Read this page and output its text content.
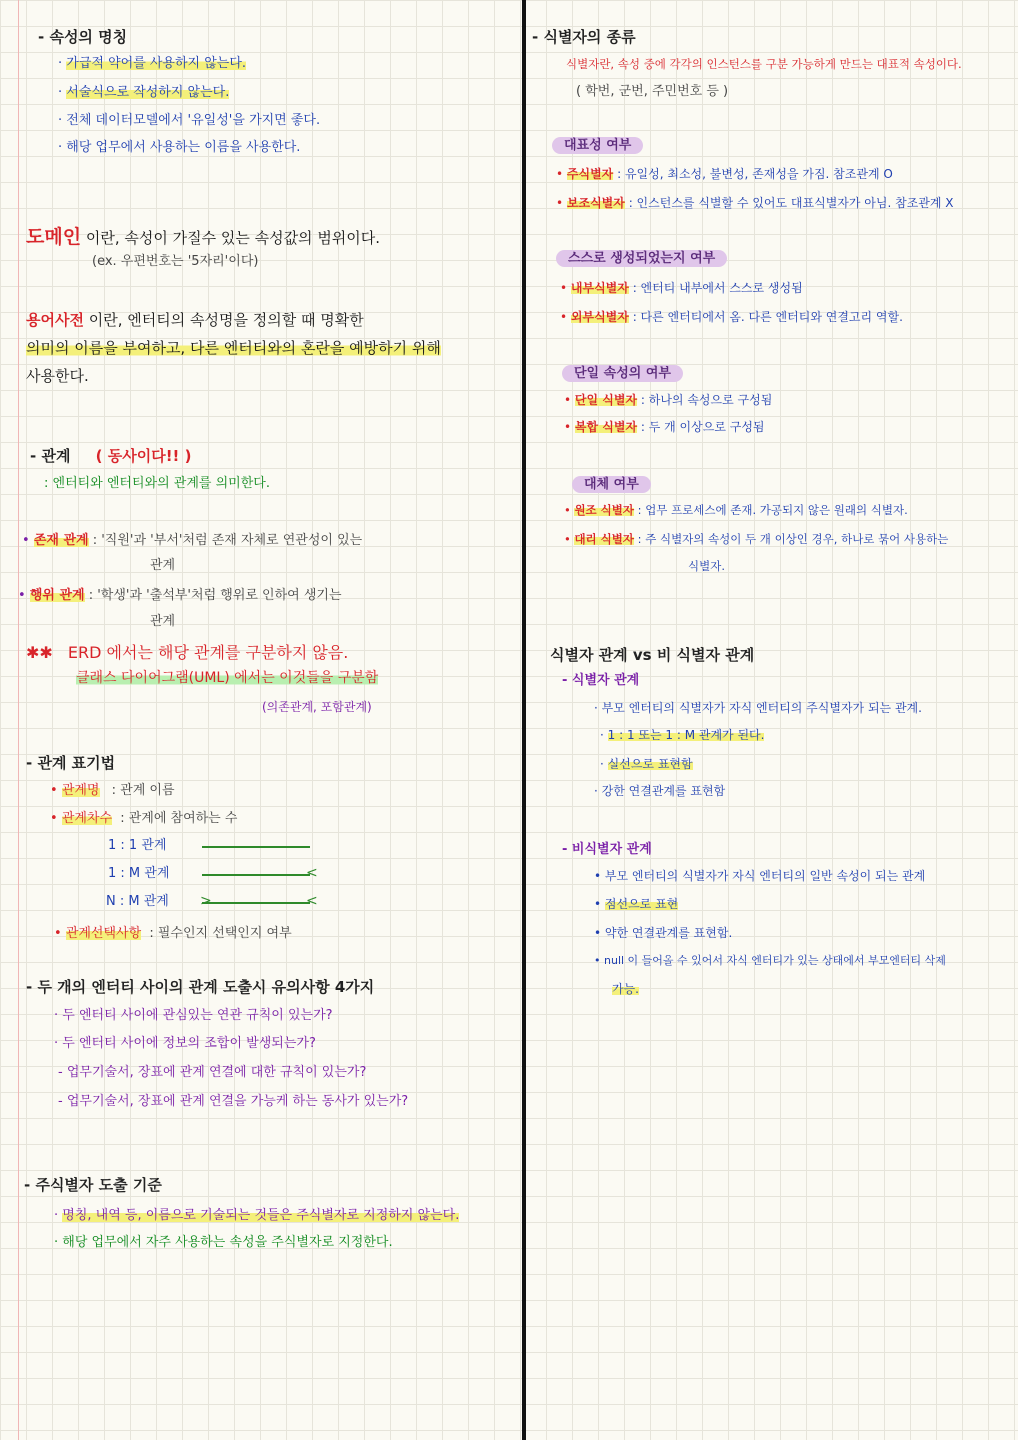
- 속성의 명칭
· 가급적 약어를 사용하지 않는다.
· 서술식으로 작성하지 않는다.
· 전체 데이터모델에서 '유일성'을 가지면 좋다.
· 해당 업무에서 사용하는 이름을 사용한다.
도메인 이란, 속성이 가질수 있는 속성값의 범위이다.
(ex. 우편번호는 '5자리'이다)
용어사전 이란, 엔터티의 속성명을 정의할 때 명확한
의미의 이름을 부여하고, 다른 엔터티와의 혼란을 예방하기 위해
사용한다.
- 관계 ( 동사이다!! )
: 엔터티와 엔터티와의 관계를 의미한다.
• 존재 관계 : '직원'과 '부서'처럼 존재 자체로 연관성이 있는
관계
• 행위 관계 : '학생'과 '출석부'처럼 행위로 인하여 생기는
관계
✱✱ ERD 에서는 해당 관계를 구분하지 않음.
클래스 다이어그램(UML) 에서는 이것들을 구분함
(의존관계, 포함관계)
- 관계 표기법
• 관계명 : 관계 이름
• 관계차수 : 관계에 참여하는 수
1 : 1 관계
1 : M 관계	<
N : M 관계 >	<
• 관계선택사항 : 필수인지 선택인지 여부
- 두 개의 엔터티 사이의 관계 도출시 유의사항 4가지
· 두 엔터티 사이에 관심있는 연관 규칙이 있는가?
· 두 엔터티 사이에 정보의 조합이 발생되는가?
- 업무기술서, 장표에 관계 연결에 대한 규칙이 있는가?
- 업무기술서, 장표에 관계 연결을 가능케 하는 동사가 있는가?
- 주식별자 도출 기준
· 명칭, 내역 등, 이름으로 기술되는 것들은 주식별자로 지정하지 않는다.
· 해당 업무에서 자주 사용하는 속성을 주식별자로 지정한다.
- 식별자의 종류
식별자란, 속성 중에 각각의 인스턴스를 구분 가능하게 만드는 대표적 속성이다.
( 학번, 군번, 주민번호 등 )
대표성 여부
• 주식별자 : 유일성, 최소성, 불변성, 존재성을 가짐. 참조관계 O
• 보조식별자 : 인스턴스를 식별할 수 있어도 대표식별자가 아님. 참조관계 X
스스로 생성되었는지 여부
• 내부식별자 : 엔터티 내부에서 스스로 생성됨
• 외부식별자 : 다른 엔터티에서 옴. 다른 엔터티와 연결고리 역할.
단일 속성의 여부
• 단일 식별자 : 하나의 속성으로 구성됨
• 복합 식별자 : 두 개 이상으로 구성됨
대체 여부
• 원조 식별자 : 업무 프로세스에 존재. 가공되지 않은 원래의 식별자.
• 대리 식별자 : 주 식별자의 속성이 두 개 이상인 경우, 하나로 묶어 사용하는
식별자.
식별자 관계 vs 비 식별자 관계
- 식별자 관계
· 부모 엔터티의 식별자가 자식 엔터티의 주식별자가 되는 관계.
· 1 : 1 또는 1 : M 관계가 된다.
· 실선으로 표현함
· 강한 연결관계를 표현함
- 비식별자 관계
• 부모 엔터티의 식별자가 자식 엔터티의 일반 속성이 되는 관계
• 점선으로 표현
• 약한 연결관계를 표현함.
• null 이 들어올 수 있어서 자식 엔터티가 있는 상태에서 부모엔터티 삭제
가능.
